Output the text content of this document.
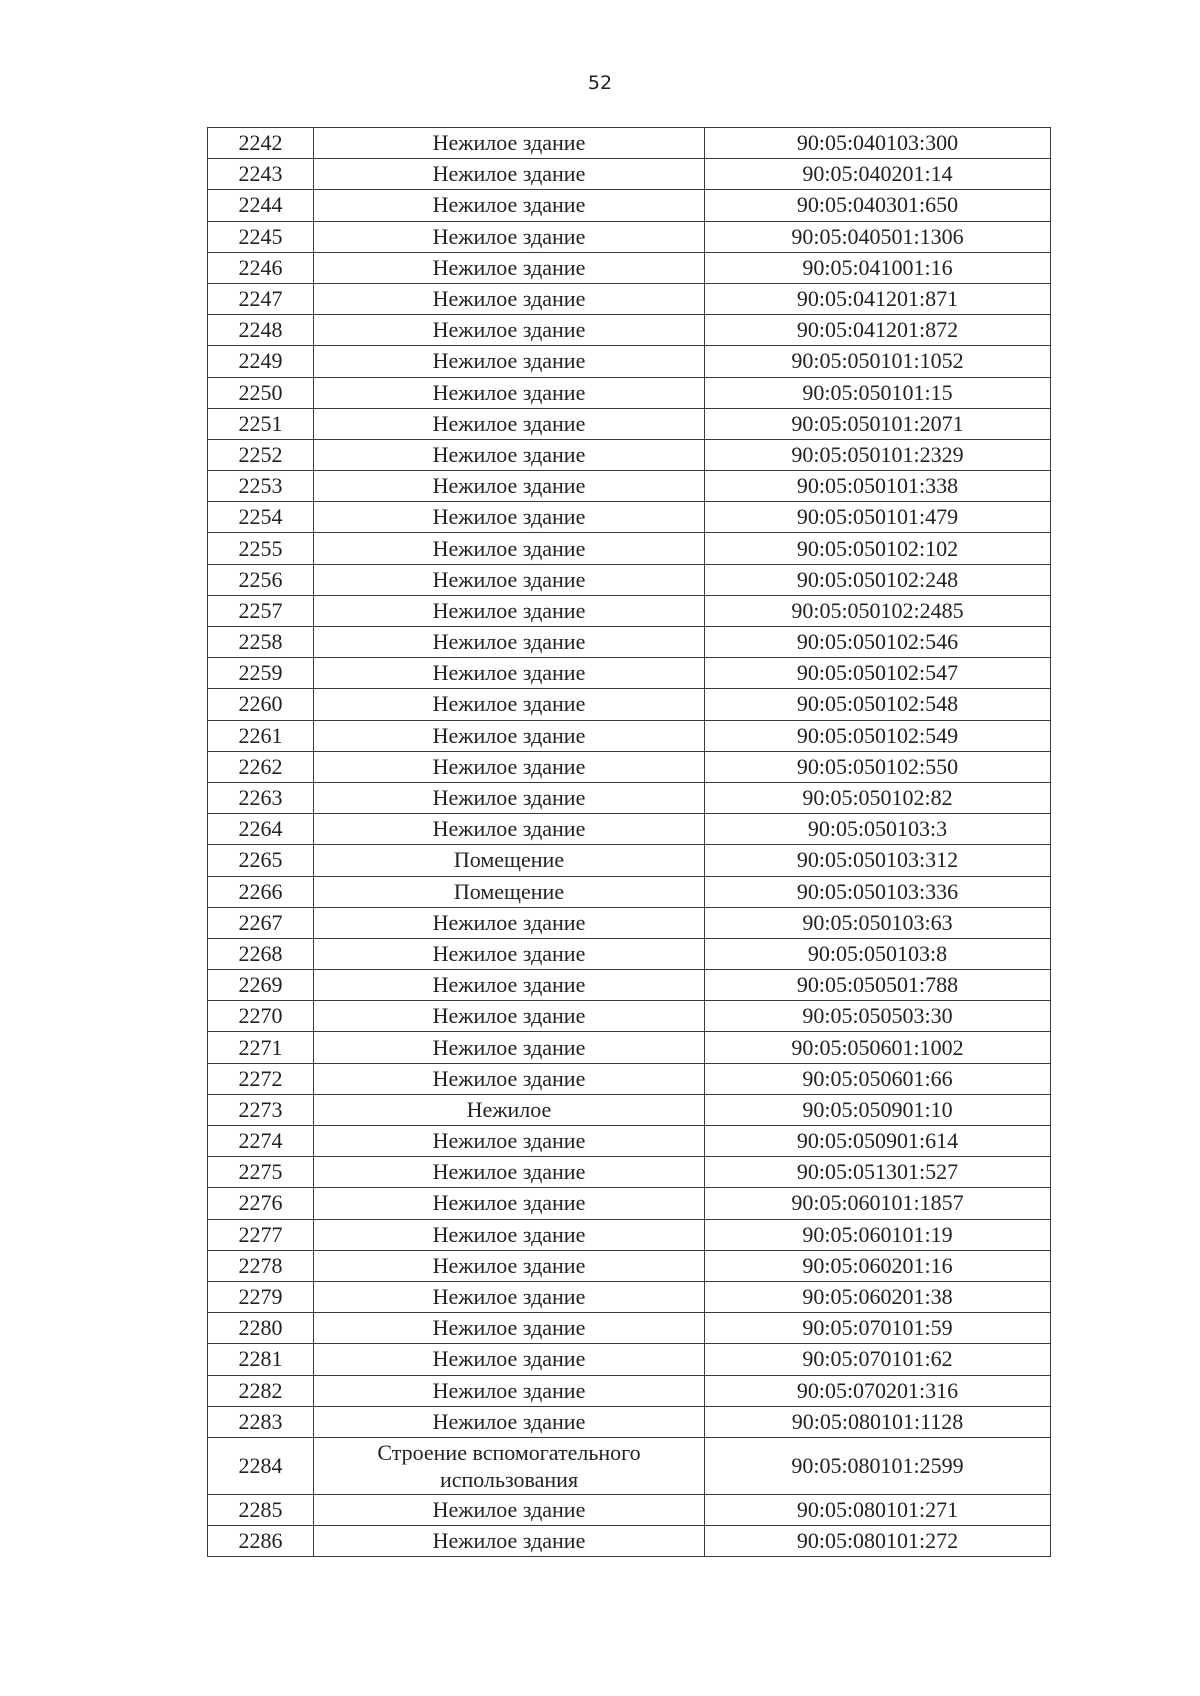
52
2242	Нежилое здание	90:05:040103:300
2243	Нежилое здание	90:05:040201:14
2244	Нежилое здание	90:05:040301:650
2245	Нежилое здание	90:05:040501:1306
2246	Нежилое здание	90:05:041001:16
2247	Нежилое здание	90:05:041201:871
2248	Нежилое здание	90:05:041201:872
2249	Нежилое здание	90:05:050101:1052
2250	Нежилое здание	90:05:050101:15
2251	Нежилое здание	90:05:050101:2071
2252	Нежилое здание	90:05:050101:2329
2253	Нежилое здание	90:05:050101:338
2254	Нежилое здание	90:05:050101:479
2255	Нежилое здание	90:05:050102:102
2256	Нежилое здание	90:05:050102:248
2257	Нежилое здание	90:05:050102:2485
2258	Нежилое здание	90:05:050102:546
2259	Нежилое здание	90:05:050102:547
2260	Нежилое здание	90:05:050102:548
2261	Нежилое здание	90:05:050102:549
2262	Нежилое здание	90:05:050102:550
2263	Нежилое здание	90:05:050102:82
2264	Нежилое здание	90:05:050103:3
2265	Помещение	90:05:050103:312
2266	Помещение	90:05:050103:336
2267	Нежилое здание	90:05:050103:63
2268	Нежилое здание	90:05:050103:8
2269	Нежилое здание	90:05:050501:788
2270	Нежилое здание	90:05:050503:30
2271	Нежилое здание	90:05:050601:1002
2272	Нежилое здание	90:05:050601:66
2273	Нежилое	90:05:050901:10
2274	Нежилое здание	90:05:050901:614
2275	Нежилое здание	90:05:051301:527
2276	Нежилое здание	90:05:060101:1857
2277	Нежилое здание	90:05:060101:19
2278	Нежилое здание	90:05:060201:16
2279	Нежилое здание	90:05:060201:38
2280	Нежилое здание	90:05:070101:59
2281	Нежилое здание	90:05:070101:62
2282	Нежилое здание	90:05:070201:316
2283	Нежилое здание	90:05:080101:1128
2284	Строение вспомогательного использования	90:05:080101:2599
2285	Нежилое здание	90:05:080101:271
2286	Нежилое здание	90:05:080101:272
